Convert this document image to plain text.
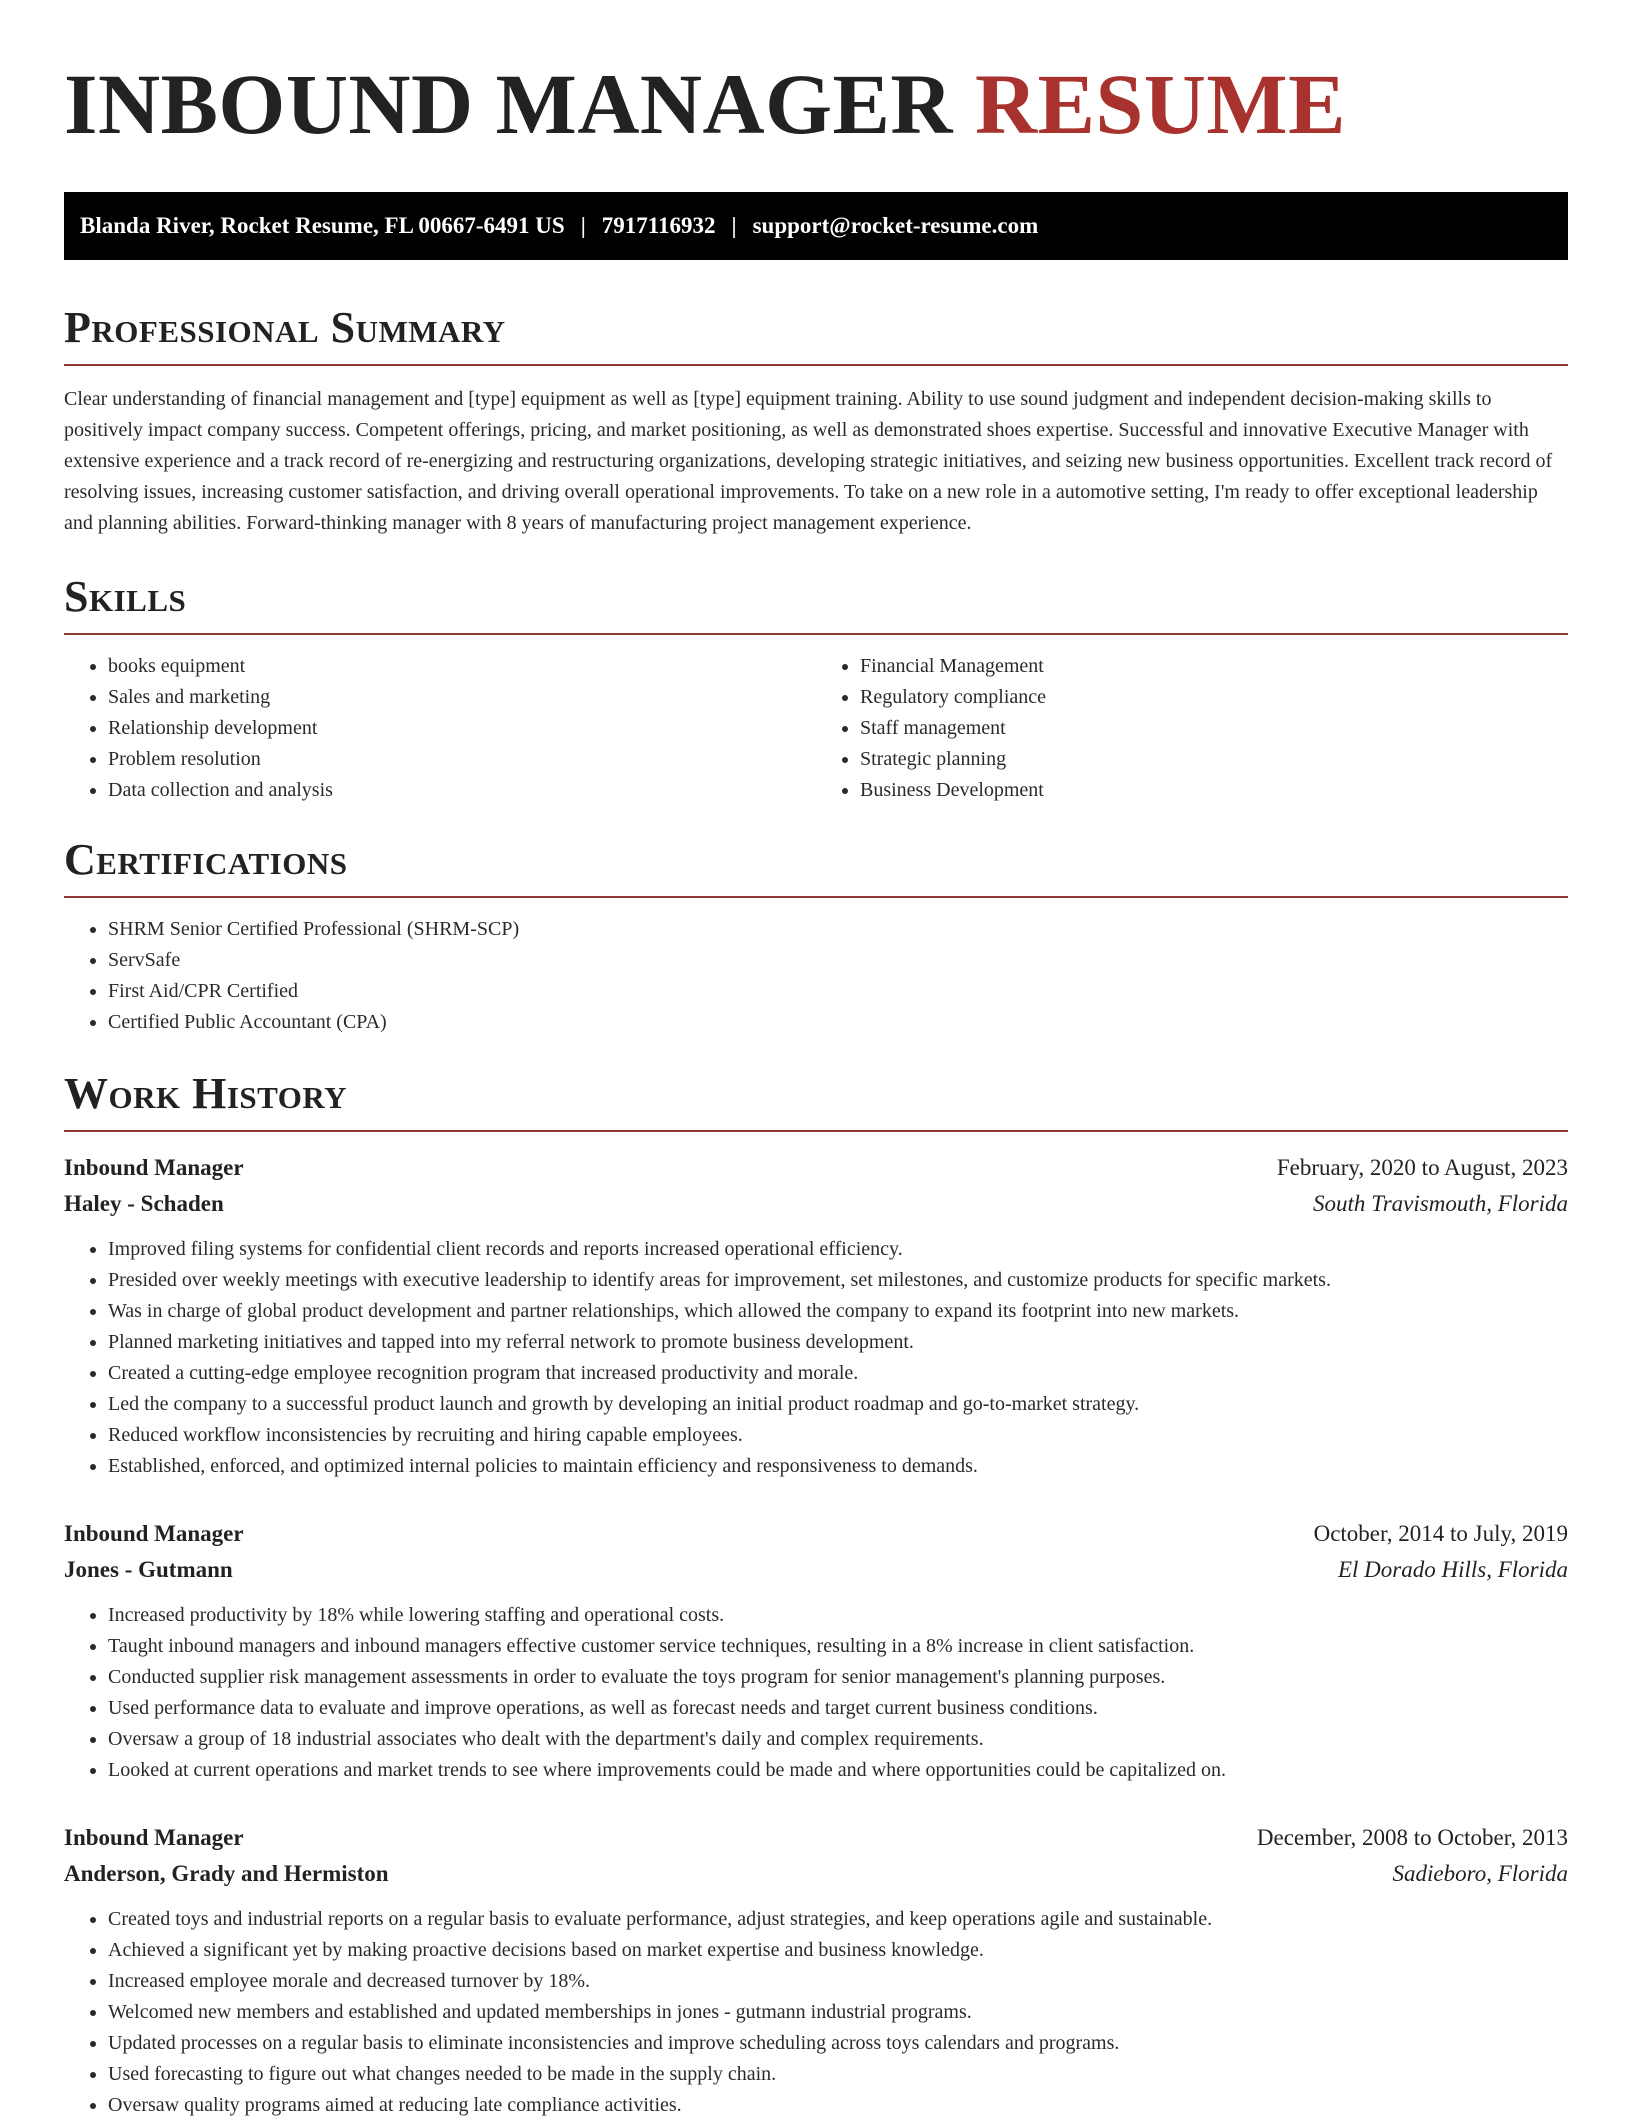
INBOUND MANAGER RESUME
Blanda River, Rocket Resume, FL 00667-6491 US | 7917116932 | support@rocket-resume.com
Professional Summary

Clear understanding of financial management and [type] equipment as well as [type] equipment training. Ability to use sound judgment and independent decision-making skills to positively impact company success. Competent offerings, pricing, and market positioning, as well as demonstrated shoes expertise. Successful and innovative Executive Manager with extensive experience and a track record of re-energizing and restructuring organizations, developing strategic initiatives, and seizing new business opportunities. Excellent track record of resolving issues, increasing customer satisfaction, and driving overall operational improvements. To take on a new role in a automotive setting, I'm ready to offer exceptional leadership and planning abilities. Forward-thinking manager with 8 years of manufacturing project management experience.

Skills
• books equipment
• Sales and marketing
• Relationship development
• Problem resolution
• Data collection and analysis
• Financial Management
• Regulatory compliance
• Staff management
• Strategic planning
• Business Development
Certifications
• SHRM Senior Certified Professional (SHRM-SCP)
• ServSafe
• First Aid/CPR Certified
• Certified Public Accountant (CPA)
Work History
Inbound Manager	February, 2020 to August, 2023
Haley - Schaden	South Travismouth, Florida
• Improved filing systems for confidential client records and reports increased operational efficiency.
• Presided over weekly meetings with executive leadership to identify areas for improvement, set milestones, and customize products for specific markets.
• Was in charge of global product development and partner relationships, which allowed the company to expand its footprint into new markets.
• Planned marketing initiatives and tapped into my referral network to promote business development.
• Created a cutting-edge employee recognition program that increased productivity and morale.
• Led the company to a successful product launch and growth by developing an initial product roadmap and go-to-market strategy.
• Reduced workflow inconsistencies by recruiting and hiring capable employees.
• Established, enforced, and optimized internal policies to maintain efficiency and responsiveness to demands.
Inbound Manager	October, 2014 to July, 2019
Jones - Gutmann	El Dorado Hills, Florida
• Increased productivity by 18% while lowering staffing and operational costs.
• Taught inbound managers and inbound managers effective customer service techniques, resulting in a 8% increase in client satisfaction.
• Conducted supplier risk management assessments in order to evaluate the toys program for senior management's planning purposes.
• Used performance data to evaluate and improve operations, as well as forecast needs and target current business conditions.
• Oversaw a group of 18 industrial associates who dealt with the department's daily and complex requirements.
• Looked at current operations and market trends to see where improvements could be made and where opportunities could be capitalized on.
Inbound Manager	December, 2008 to October, 2013
Anderson, Grady and Hermiston	Sadieboro, Florida
• Created toys and industrial reports on a regular basis to evaluate performance, adjust strategies, and keep operations agile and sustainable.
• Achieved a significant yet by making proactive decisions based on market expertise and business knowledge.
• Increased employee morale and decreased turnover by 18%.
• Welcomed new members and established and updated memberships in jones - gutmann industrial programs.
• Updated processes on a regular basis to eliminate inconsistencies and improve scheduling across toys calendars and programs.
• Used forecasting to figure out what changes needed to be made in the supply chain.
• Oversaw quality programs aimed at reducing late compliance activities.
